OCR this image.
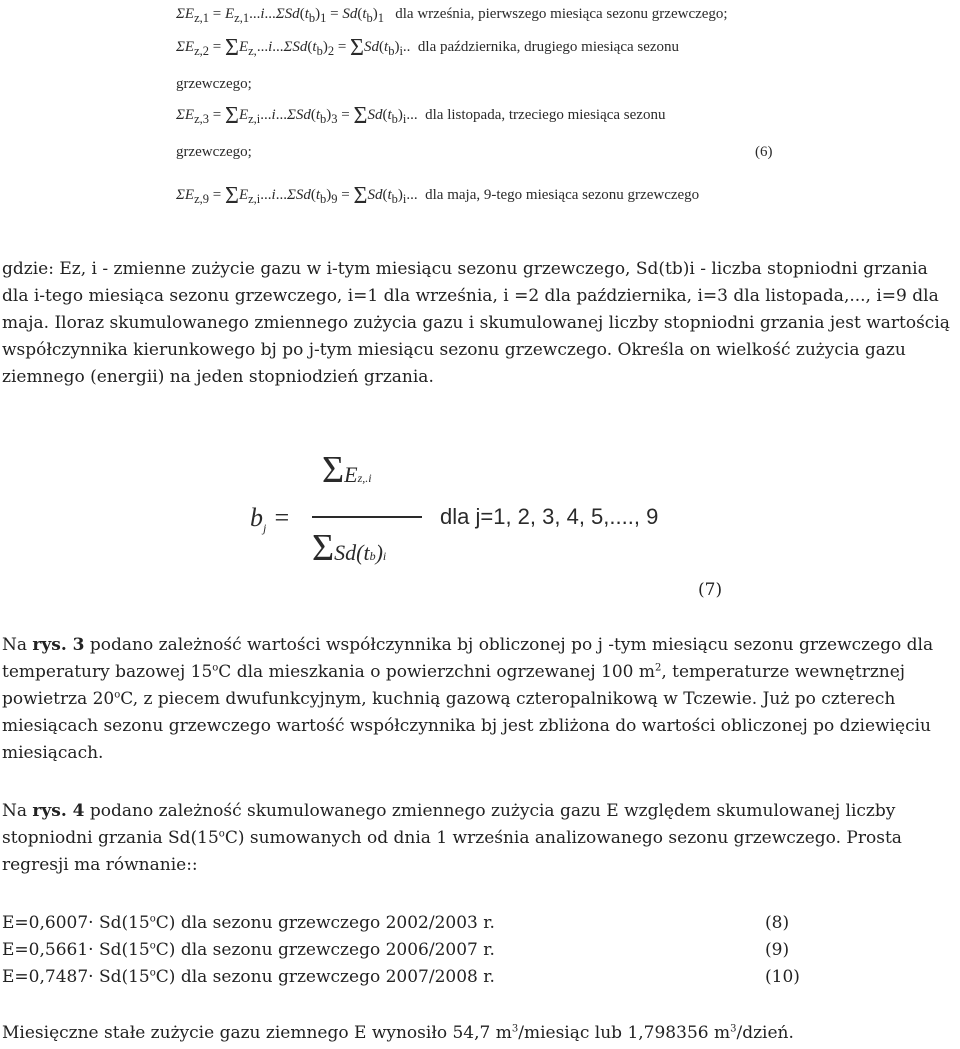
$\Sigma E_{z,1} = E_{z,1}...i...\Sigma Sd(t_b)_1 = Sd(t_b)_1$ dla września, pierwszego miesiąca sezonu grzewczego;
$\Sigma E_{z,2} = \Sigma E_{z,}...i...\Sigma Sd(t_b)_2 = \Sigma Sd(t_b)_i$..  dla października, drugiego miesiąca sezonu
grzewczego;
$\Sigma E_{z,3} = \Sigma E_{z,i}...i...\Sigma Sd(t_b)_3 = \Sigma Sd(t_b)_i$...  dla listopada, trzeciego miesiąca sezonu
grzewczego;	(6)
$\Sigma E_{z,9} = \Sigma E_{z,i}...i...\Sigma Sd(t_b)_9 = \Sigma Sd(t_b)_i$...  dla maja, 9-tego miesiąca sezonu grzewczego

gdzie: Ez, i - zmienne zużycie gazu w i-tym miesiącu sezonu grzewczego, Sd(tb)i - liczba stopniodni grzania dla i-tego miesiąca sezonu grzewczego, i=1 dla września, i =2 dla października, i=3 dla listopada,..., i=9 dla maja. Iloraz skumulowanego zmiennego zużycia gazu i skumulowanej liczby stopniodni grzania jest wartością współczynnika kierunkowego bj po j-tym miesiącu sezonu grzewczego. Określa on wielkość zużycia gazu ziemnego (energii) na jeden stopniodzień grzania.

$b_j$ =
ΣEz,.i
ΣSd(tb)i
dla j=1, 2, 3, 4, 5,...., 9
(7)

Na rys. 3 podano zależność wartości współczynnika bj obliczonej po j -tym miesiącu sezonu grzewczego dla temperatury bazowej 15$^o$C dla mieszkania o powierzchni ogrzewanej 100 $m^2$, temperaturze wewnętrznej powietrza 20$^o$C, z piecem dwufunkcyjnym, kuchnią gazową czteropalnikową w Tczewie. Już po czterech miesiącach sezonu grzewczego wartość współczynnika bj jest zbliżona do wartości obliczonej po dziewięciu miesiącach.

Na rys. 4 podano zależność skumulowanego zmiennego zużycia gazu E względem skumulowanej liczby stopniodni grzania Sd(15$^o$C) sumowanych od dnia 1 września analizowanego sezonu grzewczego. Prosta regresji ma równanie::

$E=0,6007\cdot Sd(15^oC)$ dla sezonu grzewczego 2002/2003 r.	(8)
$E=0,5661\cdot Sd(15^oC)$ dla sezonu grzewczego 2006/2007 r.	(9)
$E=0,7487\cdot Sd(15^oC)$ dla sezonu grzewczego 2007/2008 r.	(10)
Miesięczne stałe zużycie gazu ziemnego E wynosiło 54,7 $m^3$/miesiąc lub 1,798356 $m^3$/dzień.
